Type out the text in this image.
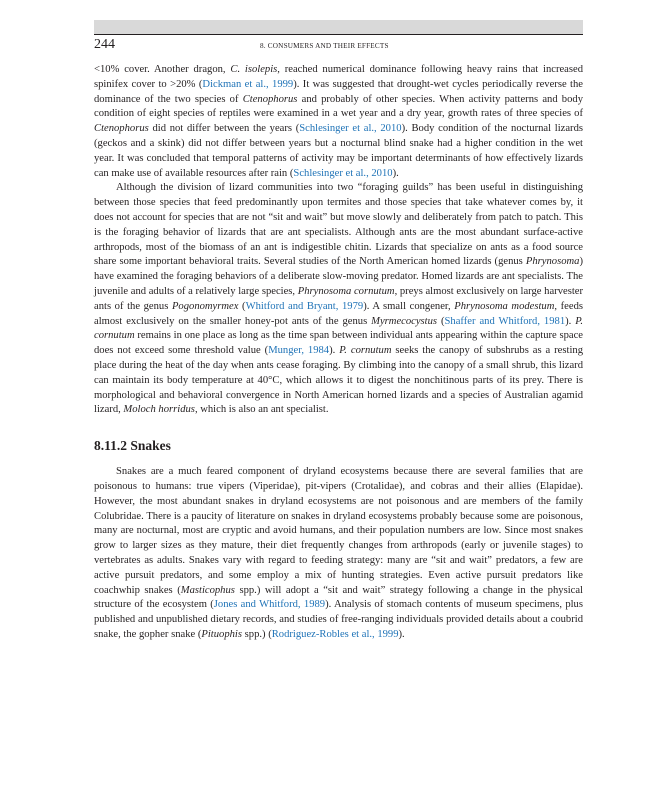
244	8. CONSUMERS AND THEIR EFFECTS

<10% cover. Another dragon, C. isolepis, reached numerical dominance following heavy rains that increased spinifex cover to >20% (Dickman et al., 1999). It was suggested that drought-wet cycles periodically reverse the dominance of the two species of Ctenophorus and probably of other species. When activity patterns and body condition of eight species of reptiles were examined in a wet year and a dry year, growth rates of three species of Ctenophorus did not differ between the years (Schlesinger et al., 2010). Body condition of the nocturnal lizards (geckos and a skink) did not differ between years but a nocturnal blind snake had a higher condition in the wet year. It was concluded that temporal patterns of activity may be important determinants of how effectively lizards can make use of available resources after rain (Schlesinger et al., 2010).

Although the division of lizard communities into two “foraging guilds” has been useful in distinguishing between those species that feed predominantly upon termites and those species that take whatever comes by, it does not account for species that are not “sit and wait” but move slowly and deliberately from patch to patch. This is the foraging behavior of lizards that are ant specialists. Although ants are the most abundant surface-active arthropods, most of the biomass of an ant is indigestible chitin. Lizards that specialize on ants as a food source share some important behavioral traits. Several studies of the North American homed lizards (genus Phrynosoma) have examined the foraging behaviors of a deliberate slow-moving predator. Homed lizards are ant specialists. The juvenile and adults of a relatively large species, Phrynosoma cornutum, preys almost exclusively on large harvester ants of the genus Pogonomyrmex (Whitford and Bryant, 1979). A small congener, Phrynosoma modestum, feeds almost exclusively on the smaller honey-pot ants of the genus Myrmecocystus (Shaffer and Whitford, 1981). P. cornutum remains in one place as long as the time span between individual ants appearing within the capture space does not exceed some threshold value (Munger, 1984). P. cornutum seeks the canopy of subshrubs as a resting place during the heat of the day when ants cease foraging. By climbing into the canopy of a small shrub, this lizard can maintain its body temperature at 40°C, which allows it to digest the nonchitinous parts of its prey. There is morphological and behavioral convergence in North American horned lizards and a species of Australian agamid lizard, Moloch horridus, which is also an ant specialist.

8.11.2 Snakes

Snakes are a much feared component of dryland ecosystems because there are several families that are poisonous to humans: true vipers (Viperidae), pit-vipers (Crotalidae), and cobras and their allies (Elapidae). However, the most abundant snakes in dryland ecosystems are not poisonous and are members of the family Colubridae. There is a paucity of literature on snakes in dryland ecosystems probably because some are poisonous, many are nocturnal, most are cryptic and avoid humans, and their population numbers are low. Since most snakes grow to larger sizes as they mature, their diet frequently changes from arthropods (early or juvenile stages) to vertebrates as adults. Snakes vary with regard to feeding strategy: many are “sit and wait” predators, a few are active pursuit predators, and some employ a mix of hunting strategies. Even active pursuit predators like coachwhip snakes (Masticophus spp.) will adopt a “sit and wait” strategy following a change in the physical structure of the ecosystem (Jones and Whitford, 1989). Analysis of stomach contents of museum specimens, plus published and unpublished dietary records, and studies of free-ranging individuals provided details about a coubrid snake, the gopher snake (Pituophis spp.) (Rodriguez-Robles et al., 1999).
